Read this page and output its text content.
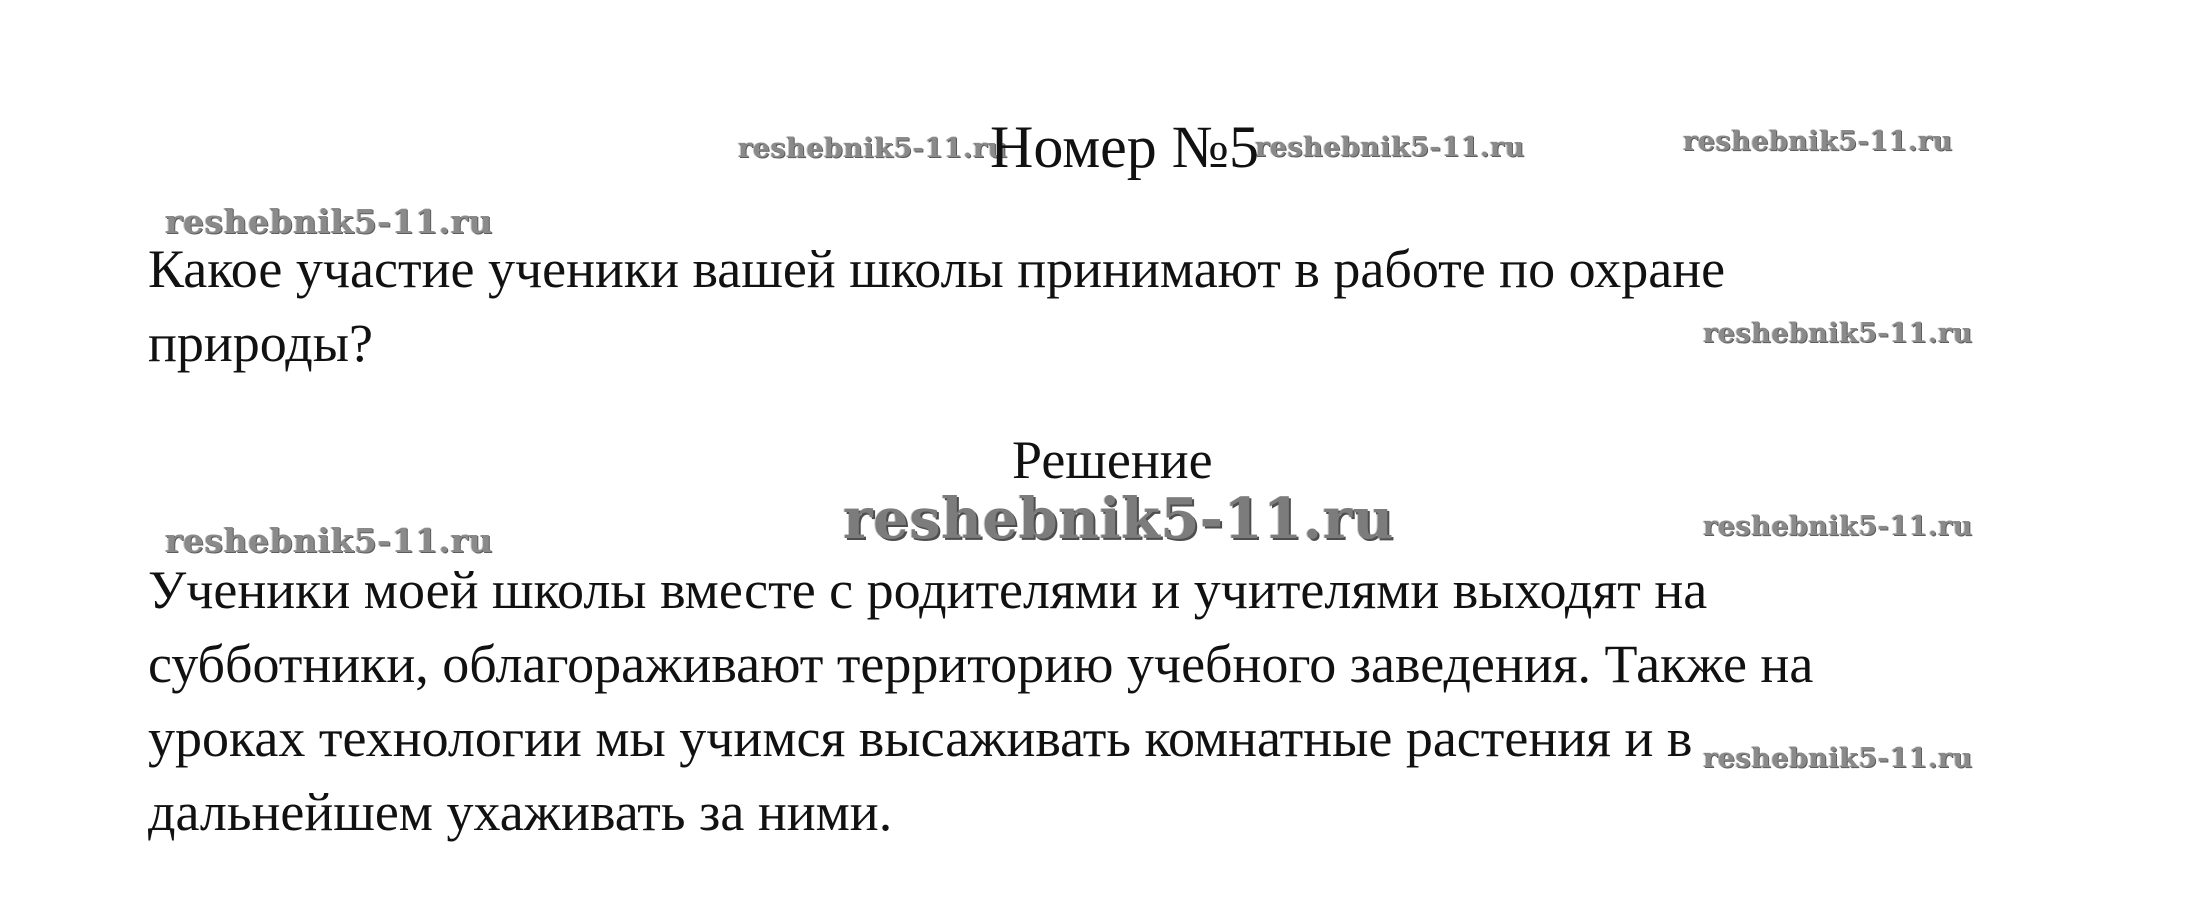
reshebnik5-11.ru	reshebnik5-11.ru	reshebnik5-11.ru
reshebnik5-11.ru
reshebnik5-11.ru
reshebnik5-11.ru
reshebnik5-11.ru	reshebnik5-11.ru
reshebnik5-11.ru
Номер №5
Какое участие ученики вашей школы принимают в работе по охране
природы?
Решение
Ученики моей школы вместе с родителями и учителями выходят на
субботники, облагораживают территорию учебного заведения. Также на
уроках технологии мы учимся высаживать комнатные растения и в
дальнейшем ухаживать за ними.
